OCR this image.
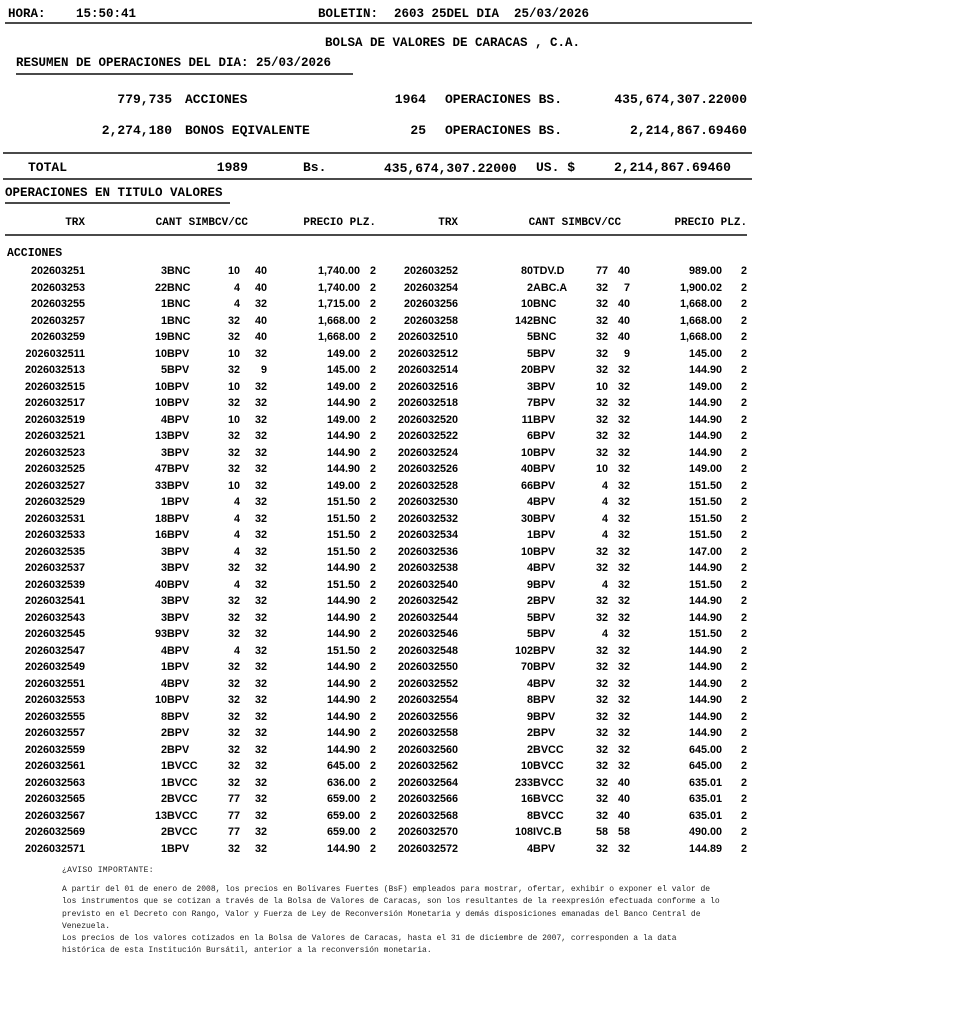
HORA: 15:50:41	BOLETIN: 2603 25DEL DIA  25/03/2026
BOLSA DE VALORES DE CARACAS , C.A.
RESUMEN DE OPERACIONES DEL DIA: 25/03/2026
779,735 ACCIONES	1964 OPERACIONES BS.	435,674,307.22000
2,274,180 BONOS EQIVALENTE	25 OPERACIONES BS.	2,214,867.69460
TOTAL	1989	Bs.	435,674,307.22000 US. $	2,214,867.69460
OPERACIONES EN TITULO VALORES
TRX	CANT SIMB		CV/CC		PRECIO PLZ.		TRX	CANT SIMB		CV/CC		PRECIO PLZ.	
ACCIONES													
202603251	3	BNC	10	40	1,740.00	2	202603252	80	TDV.D	77	40	989.00	2
202603253	22	BNC	4	40	1,740.00	2	202603254	2	ABC.A	32	7	1,900.02	2
202603255	1	BNC	4	32	1,715.00	2	202603256	10	BNC	32	40	1,668.00	2
202603257	1	BNC	32	40	1,668.00	2	202603258	142	BNC	32	40	1,668.00	2
202603259	19	BNC	32	40	1,668.00	2	2026032510	5	BNC	32	40	1,668.00	2
2026032511	10	BPV	10	32	149.00	2	2026032512	5	BPV	32	9	145.00	2
2026032513	5	BPV	32	9	145.00	2	2026032514	20	BPV	32	32	144.90	2
2026032515	10	BPV	10	32	149.00	2	2026032516	3	BPV	10	32	149.00	2
2026032517	10	BPV	32	32	144.90	2	2026032518	7	BPV	32	32	144.90	2
2026032519	4	BPV	10	32	149.00	2	2026032520	11	BPV	32	32	144.90	2
2026032521	13	BPV	32	32	144.90	2	2026032522	6	BPV	32	32	144.90	2
2026032523	3	BPV	32	32	144.90	2	2026032524	10	BPV	32	32	144.90	2
2026032525	47	BPV	32	32	144.90	2	2026032526	40	BPV	10	32	149.00	2
2026032527	33	BPV	10	32	149.00	2	2026032528	66	BPV	4	32	151.50	2
2026032529	1	BPV	4	32	151.50	2	2026032530	4	BPV	4	32	151.50	2
2026032531	18	BPV	4	32	151.50	2	2026032532	30	BPV	4	32	151.50	2
2026032533	16	BPV	4	32	151.50	2	2026032534	1	BPV	4	32	151.50	2
2026032535	3	BPV	4	32	151.50	2	2026032536	10	BPV	32	32	147.00	2
2026032537	3	BPV	32	32	144.90	2	2026032538	4	BPV	32	32	144.90	2
2026032539	40	BPV	4	32	151.50	2	2026032540	9	BPV	4	32	151.50	2
2026032541	3	BPV	32	32	144.90	2	2026032542	2	BPV	32	32	144.90	2
2026032543	3	BPV	32	32	144.90	2	2026032544	5	BPV	32	32	144.90	2
2026032545	93	BPV	32	32	144.90	2	2026032546	5	BPV	4	32	151.50	2
2026032547	4	BPV	4	32	151.50	2	2026032548	102	BPV	32	32	144.90	2
2026032549	1	BPV	32	32	144.90	2	2026032550	70	BPV	32	32	144.90	2
2026032551	4	BPV	32	32	144.90	2	2026032552	4	BPV	32	32	144.90	2
2026032553	10	BPV	32	32	144.90	2	2026032554	8	BPV	32	32	144.90	2
2026032555	8	BPV	32	32	144.90	2	2026032556	9	BPV	32	32	144.90	2
2026032557	2	BPV	32	32	144.90	2	2026032558	2	BPV	32	32	144.90	2
2026032559	2	BPV	32	32	144.90	2	2026032560	2	BVCC	32	32	645.00	2
2026032561	1	BVCC	32	32	645.00	2	2026032562	10	BVCC	32	32	645.00	2
2026032563	1	BVCC	32	32	636.00	2	2026032564	233	BVCC	32	40	635.01	2
2026032565	2	BVCC	77	32	659.00	2	2026032566	16	BVCC	32	40	635.01	2
2026032567	13	BVCC	77	32	659.00	2	2026032568	8	BVCC	32	40	635.01	2
2026032569	2	BVCC	77	32	659.00	2	2026032570	108	IVC.B	58	58	490.00	2
2026032571	1	BPV	32	32	144.90	2	2026032572	4	BPV	32	32	144.89	2
¿AVISO IMPORTANTE:
A partir del 01 de enero de 2008, los precios en Bolívares Fuertes (BsF) empleados para mostrar, ofertar, exhibir o exponer el valor de
los instrumentos que se cotizan a través de la Bolsa de Valores de Caracas, son los resultantes de la reexpresión efectuada conforme a lo
previsto en el Decreto con Rango, Valor y Fuerza de Ley de Reconversión Monetaria y demás disposiciones emanadas del Banco Central de
Venezuela.
Los precios de los valores cotizados en la Bolsa de Valores de Caracas, hasta el 31 de diciembre de 2007, corresponden a la data
histórica de esta Institución Bursátil, anterior a la reconversión monetaria.
